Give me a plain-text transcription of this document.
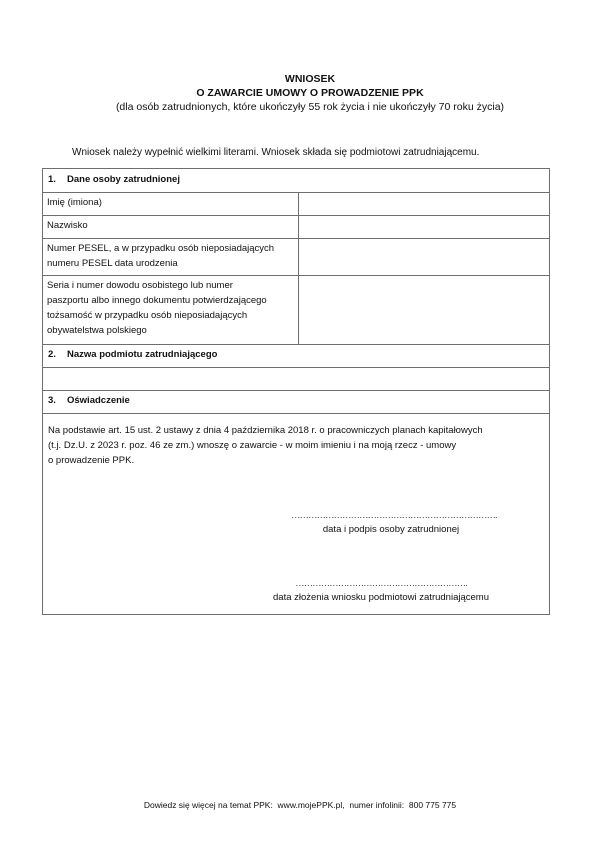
WNIOSEK
O ZAWARCIE UMOWY O PROWADZENIE PPK
(dla osób zatrudnionych, które ukończyły 55 rok życia i nie ukończyły 70 roku życia)
Wniosek należy wypełnić wielkimi literami. Wniosek składa się podmiotowi zatrudniającemu.
1. Dane osoby zatrudnionej
Imię (imiona)
Nazwisko
Numer PESEL, a w przypadku osób nieposiadających
numeru PESEL data urodzenia
Seria i numer dowodu osobistego lub numer
paszportu albo innego dokumentu potwierdzającego
tożsamość w przypadku osób nieposiadających
obywatelstwa polskiego
2. Nazwa podmiotu zatrudniającego
3. Oświadczenie
Na podstawie art. 15 ust. 2 ustawy z dnia 4 października 2018 r. o pracowniczych planach kapitałowych
(t.j. Dz.U. z 2023 r. poz. 46 ze zm.) wnoszę o zawarcie - w moim imieniu i na moją rzecz - umowy
o prowadzenie PPK.
……………………………………………………………….
data i podpis osoby zatrudnionej
…………………………………………………….
data złożenia wniosku podmiotowi zatrudniającemu
Dowiedz się więcej na temat PPK:  www.mojePPK.pl,  numer infolinii:  800 775 775
